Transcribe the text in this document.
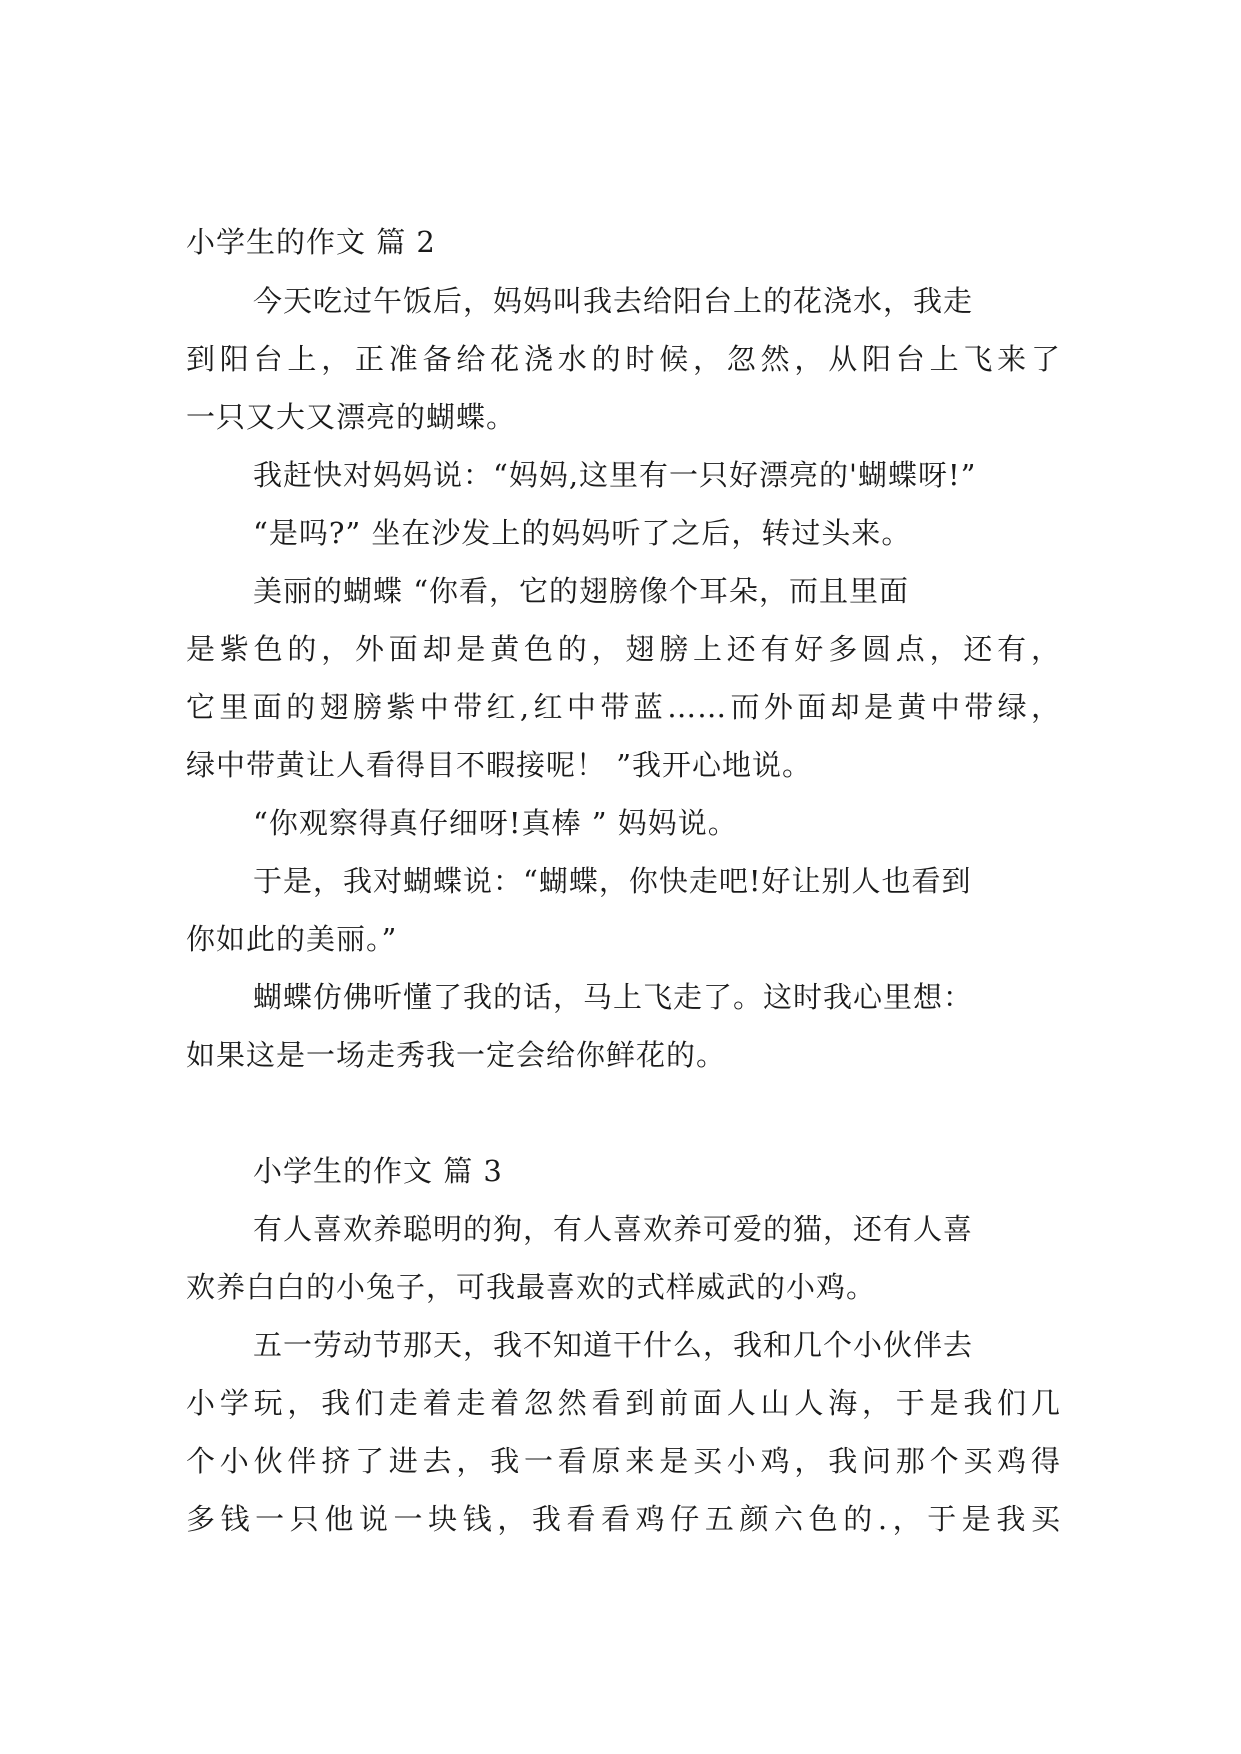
小学生的作文 篇 2
今天吃过午饭后，妈妈叫我去给阳台上的花浇水，我走
到阳台上，正准备给花浇水的时候，忽然，从阳台上飞来了
一只又大又漂亮的蝴蝶。
我赶快对妈妈说：“妈妈,这里有一只好漂亮的'蝴蝶呀!”
“是吗?” 坐在沙发上的妈妈听了之后，转过头来。
美丽的蝴蝶 “你看，它的翅膀像个耳朵，而且里面
是紫色的，外面却是黄色的，翅膀上还有好多圆点，还有，
它里面的翅膀紫中带红,红中带蓝……而外面却是黄中带绿，
绿中带黄让人看得目不暇接呢！ ”我开心地说。
“你观察得真仔细呀!真棒 ” 妈妈说。
于是，我对蝴蝶说：“蝴蝶，你快走吧!好让别人也看到
你如此的美丽。”
蝴蝶仿佛听懂了我的话，马上飞走了。这时我心里想：
如果这是一场走秀我一定会给你鲜花的。
小学生的作文 篇 3
有人喜欢养聪明的狗，有人喜欢养可爱的猫，还有人喜
欢养白白的小兔子，可我最喜欢的式样威武的小鸡。
五一劳动节那天，我不知道干什么，我和几个小伙伴去
小学玩，我们走着走着忽然看到前面人山人海，于是我们几
个小伙伴挤了进去，我一看原来是买小鸡，我问那个买鸡得
多钱一只他说一块钱，我看看鸡仔五颜六色的.，于是我买
